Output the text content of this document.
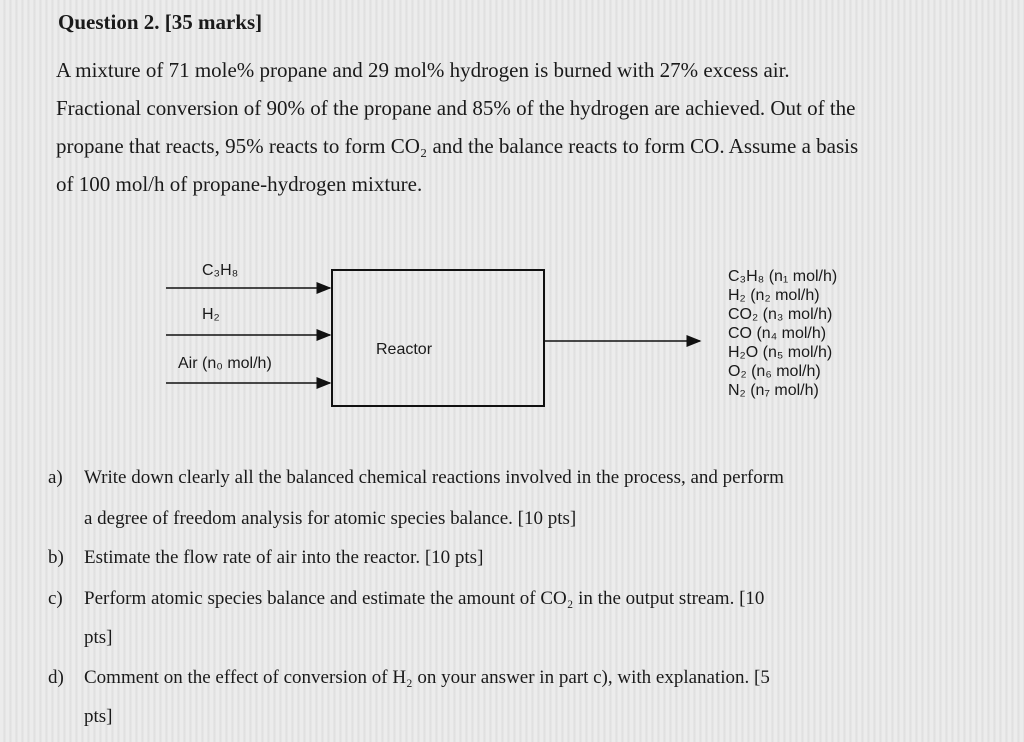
Question 2. [35 marks]
A mixture of 71 mole% propane and 29 mol% hydrogen is burned with 27% excess air.
Fractional conversion of 90% of the propane and 85% of the hydrogen are achieved. Out of the
propane that reacts, 95% reacts to form CO₂ and the balance reacts to form CO. Assume a basis
of 100 mol/h of propane-hydrogen mixture.
C₃H₈
H₂
Air (n₀ mol/h)
Reactor
C₃H₈ (n₁ mol/h)
H₂ (n₂ mol/h)
CO₂ (n₃ mol/h)
CO (n₄ mol/h)
H₂O (n₅ mol/h)
O₂ (n₆ mol/h)
N₂ (n₇ mol/h)
a) Write down clearly all the balanced chemical reactions involved in the process, and perform
a degree of freedom analysis for atomic species balance. [10 pts]
b) Estimate the flow rate of air into the reactor. [10 pts]
c) Perform atomic species balance and estimate the amount of CO₂ in the output stream. [10
pts]
d) Comment on the effect of conversion of H₂ on your answer in part c), with explanation. [5
pts]
